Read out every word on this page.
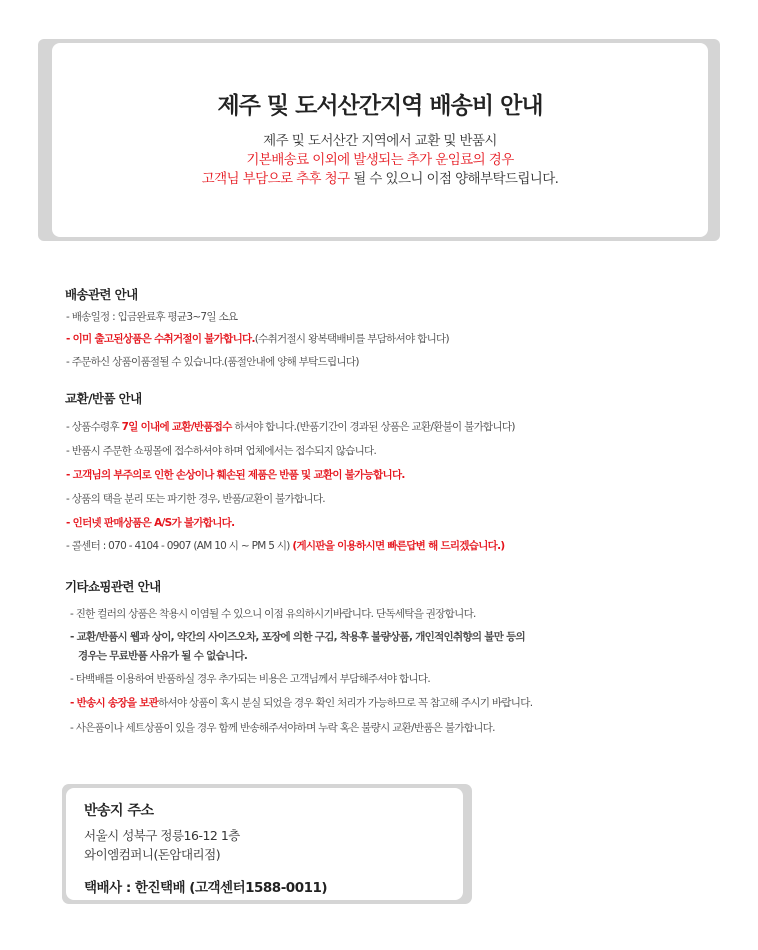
제주 및 도서산간지역 배송비 안내
제주 및 도서산간 지역에서 교환 및 반품시
기본배송료 이외에 발생되는 추가 운임료의 경우
고객님 부담으로 추후 청구 될 수 있으니 이점 양해부탁드립니다.
배송관련 안내
- 배송일정 : 입금완료후 평균3~7일 소요
- 이미 출고된상품은 수취거절이 불가합니다.(수취거절시 왕복택배비를 부담하셔야 합니다)
- 주문하신 상품이품절될 수 있습니다.(품절안내에 양해 부탁드립니다)
교환/반품 안내
- 상품수령후 7일 이내에 교환/반품접수 하셔야 합니다.(반품기간이 경과된 상품은 교환/환불이 불가합니다)
- 반품시 주문한 쇼핑몰에 접수하셔야 하며 업체에서는 접수되지 않습니다.
- 고객님의 부주의로 인한 손상이나 훼손된 제품은 반품 및 교환이 불가능합니다.
- 상품의 택을 분리 또는 파기한 경우, 반품/교환이 불가합니다.
- 인터넷 판매상품은 A/S가 불가합니다.
- 콜센터 : 070 - 4104 - 0907 (AM 10 시 ~ PM 5 시) (게시판을 이용하시면 빠른답변 해 드리겠습니다.)
기타쇼핑관련 안내
- 진한 컬러의 상품은 착용시 이염될 수 있으니 이점 유의하시기바랍니다. 단독세탁을 권장합니다.
- 교환/반품시 웹과 상이, 약간의 사이즈오차, 포장에 의한 구김, 착용후 불량상품, 개인적인취향의 불만 등의
경우는 무료반품 사유가 될 수 없습니다.
- 타백배를 이용하여 반품하실 경우 추가되는 비용은 고객님께서 부담해주셔야 합니다.
- 반송시 송장을 보관하셔야 상품이 혹시 분실 되었을 경우 확인 처리가 가능하므로 꼭 참고해 주시기 바랍니다.
- 사은품이나 세트상품이 있을 경우 함께 반송해주셔야하며 누락 혹은 불량시 교환/반품은 불가합니다.
반송지 주소
서울시 성북구 정릉16-12 1층
와이엠컴퍼니(돈암대리점)
택배사 : 한진택배 (고객센터1588-0011)
